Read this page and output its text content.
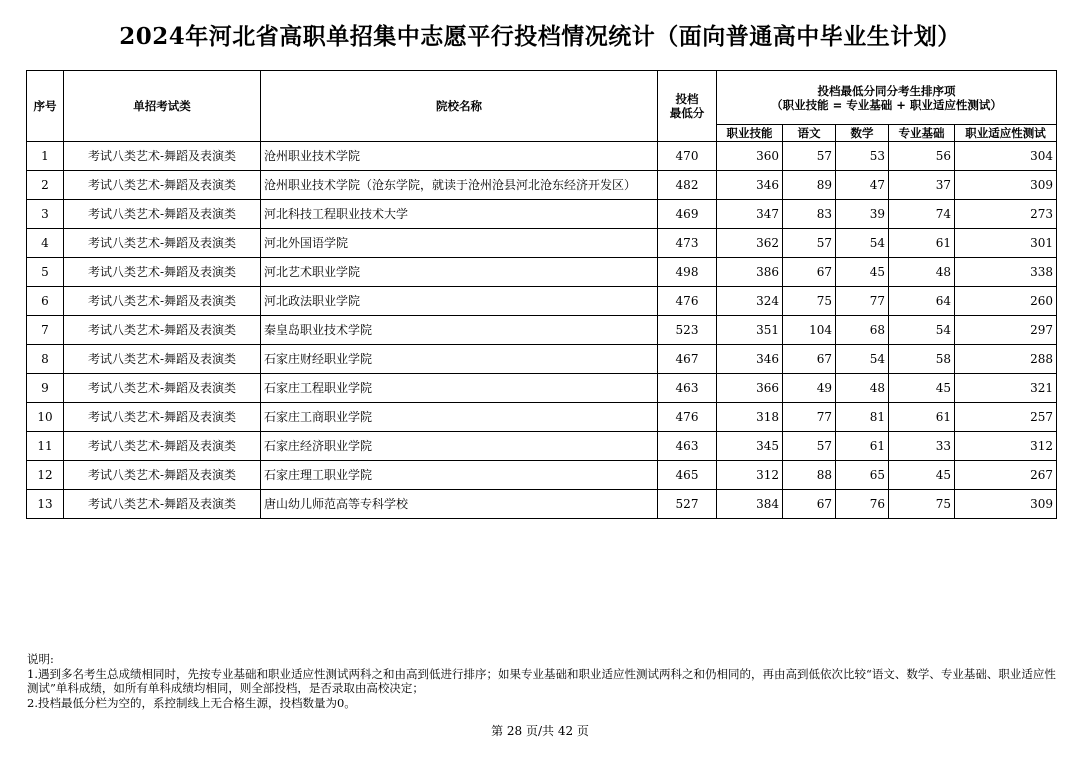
2024年河北省高职单招集中志愿平行投档情况统计（面向普通高中毕业生计划）
序号	单招考试类	院校名称	投档
最低分	投档最低分同分考生排序项
（职业技能 = 专业基础 + 职业适应性测试）				

				职业技能	语文	数学	专业基础	职业适应性测试
1	考试八类艺术-舞蹈及表演类	沧州职业技术学院	470	360	57	53	56	304
2	考试八类艺术-舞蹈及表演类	沧州职业技术学院（沧东学院，就读于沧州沧县河北沧东经济开发区）	482	346	89	47	37	309
3	考试八类艺术-舞蹈及表演类	河北科技工程职业技术大学	469	347	83	39	74	273
4	考试八类艺术-舞蹈及表演类	河北外国语学院	473	362	57	54	61	301
5	考试八类艺术-舞蹈及表演类	河北艺术职业学院	498	386	67	45	48	338
6	考试八类艺术-舞蹈及表演类	河北政法职业学院	476	324	75	77	64	260
7	考试八类艺术-舞蹈及表演类	秦皇岛职业技术学院	523	351	104	68	54	297
8	考试八类艺术-舞蹈及表演类	石家庄财经职业学院	467	346	67	54	58	288
9	考试八类艺术-舞蹈及表演类	石家庄工程职业学院	463	366	49	48	45	321
10	考试八类艺术-舞蹈及表演类	石家庄工商职业学院	476	318	77	81	61	257
11	考试八类艺术-舞蹈及表演类	石家庄经济职业学院	463	345	57	61	33	312
12	考试八类艺术-舞蹈及表演类	石家庄理工职业学院	465	312	88	65	45	267
13	考试八类艺术-舞蹈及表演类	唐山幼儿师范高等专科学校	527	384	67	76	75	309
说明:
1.遇到多名考生总成绩相同时，先按专业基础和职业适应性测试两科之和由高到低进行排序；如果专业基础和职业适应性测试两科之和仍相同的，再由高到低依次比较“语文、数学、专业基础、职业适应性测试”单科成绩，如所有单科成绩均相同，则全部投档，是否录取由高校决定；
2.投档最低分栏为空的，系控制线上无合格生源，投档数量为0。
第 28 页/共 42 页
